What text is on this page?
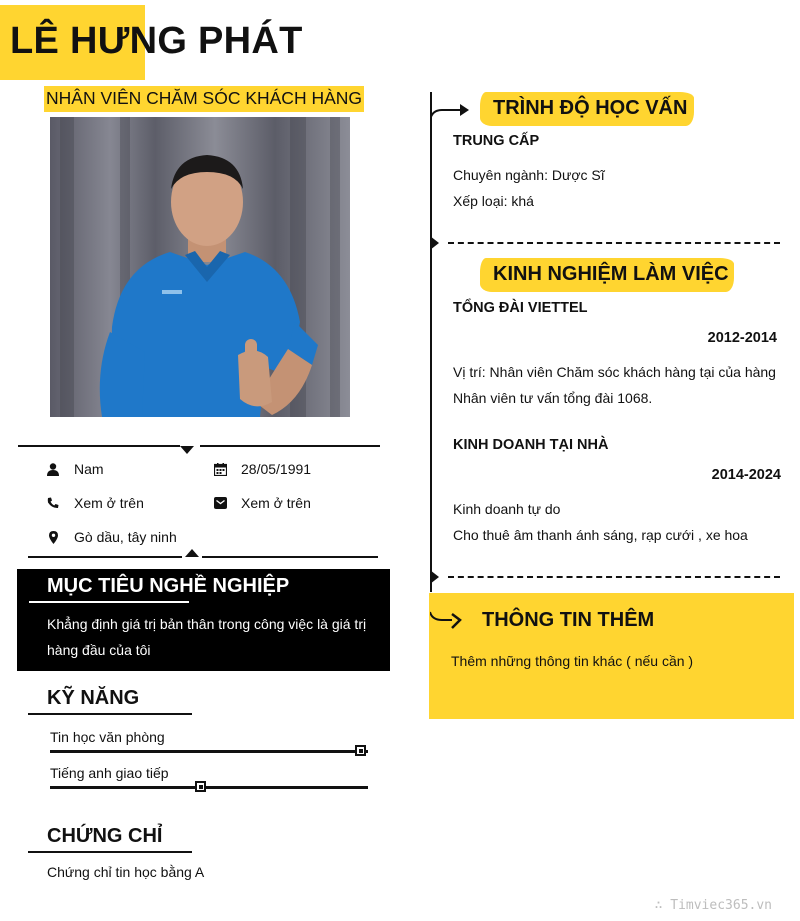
LÊ HƯNG PHÁT
NHÂN VIÊN CHĂM SÓC KHÁCH HÀNG
Nam	28/05/1991
Xem ở trên	Xem ở trên
Gò dầu, tây ninh
MỤC TIÊU NGHỀ NGHIỆP
Khẳng định giá trị bản thân trong công việc là giá trị hàng đầu của tôi
KỸ NĂNG
Tin học văn phòng
Tiếng anh giao tiếp
CHỨNG CHỈ
Chứng chỉ tin học bằng A
∴ Timviec365.vn
TRÌNH ĐỘ HỌC VẤN
TRUNG CẤP
Chuyên ngành: Dược Sĩ
Xếp loại: khá
KINH NGHIỆM LÀM VIỆC
TỔNG ĐÀI VIETTEL
2012-2014
Vị trí: Nhân viên Chăm sóc khách hàng tại của hàng
Nhân viên tư vấn tổng đài 1068.
KINH DOANH TẠI NHÀ
2014-2024
Kinh doanh tự do
Cho thuê âm thanh ánh sáng, rạp cưới , xe hoa
THÔNG TIN THÊM
Thêm những thông tin khác ( nếu cần )
